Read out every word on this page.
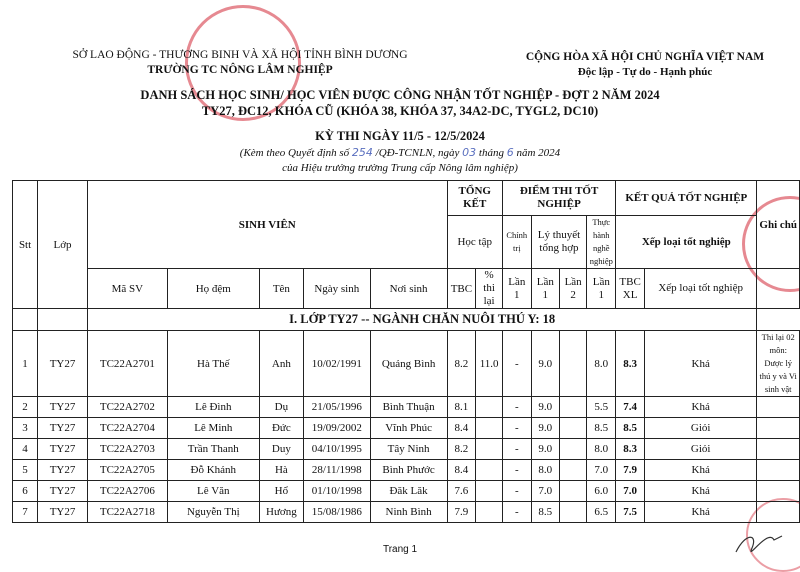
SỞ LAO ĐỘNG - THƯƠNG BINH VÀ XÃ HỘI TỈNH BÌNH DƯƠNG
TRƯỜNG TC NÔNG LÂM NGHIỆP
CỘNG HÒA XÃ HỘI CHỦ NGHĨA VIỆT NAM
Độc lập - Tự do - Hạnh phúc
DANH SÁCH HỌC SINH/ HỌC VIÊN ĐƯỢC CÔNG NHẬN TỐT NGHIỆP - ĐỢT 2 NĂM 2024
TY27, ĐC12, KHÓA CŨ (KHÓA 38, KHÓA 37, 34A2-DC, TYGL2, DC10)
KỲ THI NGÀY 11/5 - 12/5/2024
(Kèm theo Quyết định số 254 /QĐ-TCNLN, ngày 03 tháng 6 năm 2024
của Hiệu trưởng trường Trung cấp Nông lâm nghiệp)
Stt	Lớp	SINH VIÊN					TỔNG KẾT		ĐIỂM THI TỐT NGHIỆP				KẾT QUẢ TỐT NGHIỆP		Ghi chú
							Học tập		Chính trị	Lý thuyết tổng hợp		Thực hành nghề nghiệp	Xếp loại tốt nghiệp		
		Mã SV	Họ đệm	Tên	Ngày sinh	Nơi sinh	TBC	% thi lại	Lần 1	Lần 1	Lần 2	Lần 1	TBC XL	Xếp loại tốt nghiệp	
		I. LỚP TY27 -- NGÀNH CHĂN NUÔI THÚ Y: 18													
1	TY27	TC22A2701	Hà Thế	Anh	10/02/1991	Quảng Bình	8.2	11.0	-	9.0		8.0	8.3	Khá	Thi lại 02 môn: Dược lý thú y và Vi sinh vật
2	TY27	TC22A2702	Lê Đình	Dụ	21/05/1996	Bình Thuận	8.1		-	9.0		5.5	7.4	Khá	
3	TY27	TC22A2704	Lê Minh	Đức	19/09/2002	Vĩnh Phúc	8.4		-	9.0		8.5	8.5	Giỏi	
4	TY27	TC22A2703	Trần Thanh	Duy	04/10/1995	Tây Ninh	8.2		-	9.0		8.0	8.3	Giỏi	
5	TY27	TC22A2705	Đỗ Khánh	Hà	28/11/1998	Bình Phước	8.4		-	8.0		7.0	7.9	Khá	
6	TY27	TC22A2706	Lê Văn	Hổ	01/10/1998	Đăk Lăk	7.6		-	7.0		6.0	7.0	Khá	
7	TY27	TC22A2718	Nguyễn Thị	Hương	15/08/1986	Ninh Bình	7.9		-	8.5		6.5	7.5	Khá	
Trang 1
